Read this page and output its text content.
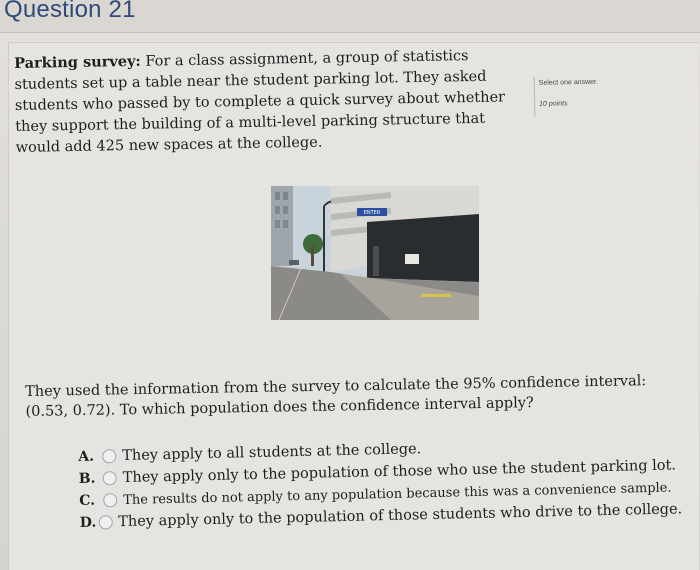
Question 21

Parking survey: For a class assignment, a group of statistics students set up a table near the student parking lot. They asked students who passed by to complete a quick survey about whether they support the building of a multi-level parking structure that would add 425 new spaces at the college.

Select one answer.
10 points
ENTER

They used the information from the survey to calculate the 95% confidence interval: (0.53, 0.72). To which population does the confidence interval apply?

A.	They apply to all students at the college.
B.	They apply only to the population of those who use the student parking lot.
C.	The results do not apply to any population because this was a convenience sample.
D. They apply only to the population of those students who drive to the college.
